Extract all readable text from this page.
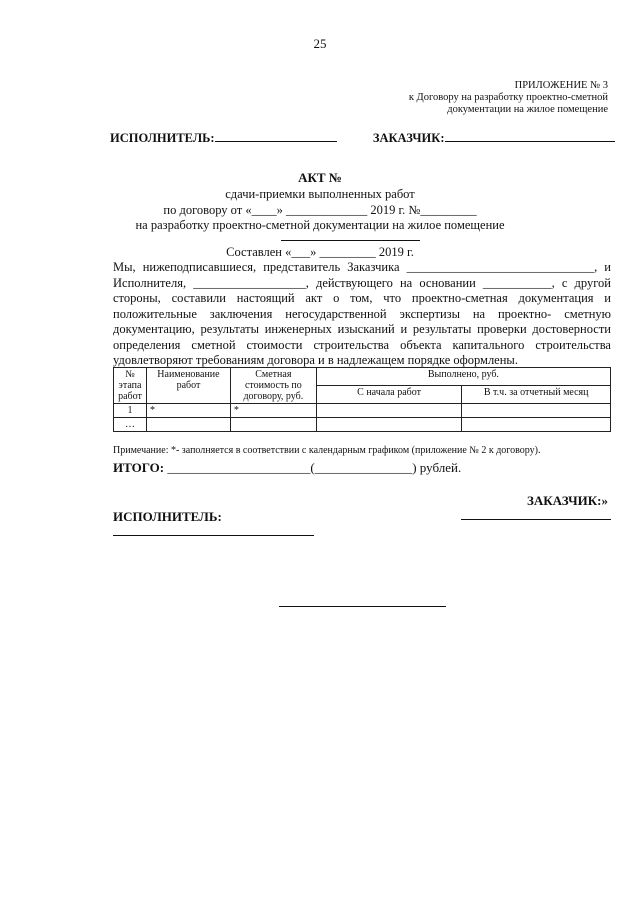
25
ПРИЛОЖЕНИЕ № 3
к Договору на разработку проектно-сметной
документации на жилое помещение
ИСПОЛНИТЕЛЬ:	ЗАКАЗЧИК:
АКТ №
сдачи-приемки выполненных работ
по договору от «____» _____________ 2019 г. №_________
на разработку проектно-сметной документации на жилое помещение
Составлен «___» _________ 2019 г.

Мы, нижеподписавшиеся, представитель Заказчика ______________________________, и Исполнителя, __________________, действующего на основании ___________, с другой стороны, составили настоящий акт о том, что проектно-сметная документация и положительные заключения негосударственной экспертизы на проектно- сметную документацию, результаты инженерных изысканий и результаты проверки достоверности определения сметной стоимости строительства объекта капитального строительства удовлетворяют требованиям договора и в надлежащем порядке оформлены.

№ этапа работ	Наименование работ	Сметная стоимость по договору, руб.	Выполнено, руб.	
			С начала работ	В т.ч. за отчетный месяц
1	*	*		
…				
Примечание: *- заполняется в соответствии с календарным графиком (приложение № 2 к договору).
ИТОГО: ______________________(_______________) рублей.
ЗАКАЗЧИК:»
ИСПОЛНИТЕЛЬ:
